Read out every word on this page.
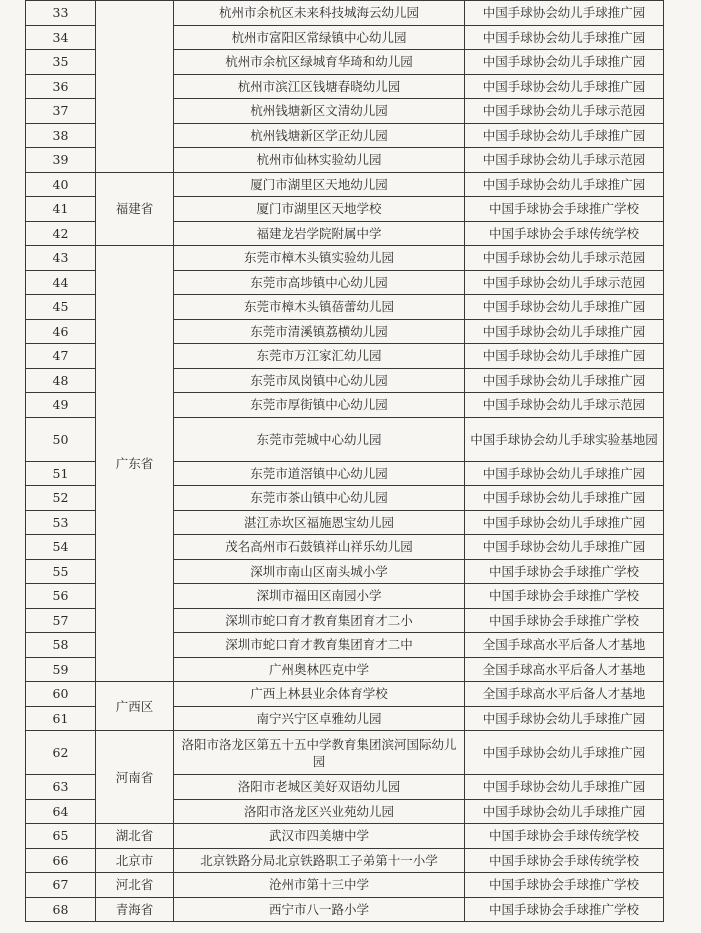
33		杭州市余杭区未来科技城海云幼儿园	中国手球协会幼儿手球推广园
34		杭州市富阳区常绿镇中心幼儿园	中国手球协会幼儿手球推广园
35		杭州市余杭区绿城育华琦和幼儿园	中国手球协会幼儿手球推广园
36		杭州市滨江区钱塘春晓幼儿园	中国手球协会幼儿手球推广园
37		杭州钱塘新区文清幼儿园	中国手球协会幼儿手球示范园
38		杭州钱塘新区学正幼儿园	中国手球协会幼儿手球推广园
39		杭州市仙林实验幼儿园	中国手球协会幼儿手球示范园
40	福建省	厦门市湖里区天地幼儿园	中国手球协会幼儿手球推广园
41		厦门市湖里区天地学校	中国手球协会手球推广学校
42		福建龙岩学院附属中学	中国手球协会手球传统学校
43	广东省	东莞市樟木头镇实验幼儿园	中国手球协会幼儿手球示范园
44		东莞市高埗镇中心幼儿园	中国手球协会幼儿手球示范园
45		东莞市樟木头镇蓓蕾幼儿园	中国手球协会幼儿手球推广园
46		东莞市清溪镇荔横幼儿园	中国手球协会幼儿手球推广园
47		东莞市万江家汇幼儿园	中国手球协会幼儿手球推广园
48		东莞市凤岗镇中心幼儿园	中国手球协会幼儿手球推广园
49		东莞市厚街镇中心幼儿园	中国手球协会幼儿手球示范园
50		东莞市莞城中心幼儿园	中国手球协会幼儿手球实验基地园
51		东莞市道滘镇中心幼儿园	中国手球协会幼儿手球推广园
52		东莞市茶山镇中心幼儿园	中国手球协会幼儿手球推广园
53		湛江赤坎区福施恩宝幼儿园	中国手球协会幼儿手球推广园
54		茂名高州市石鼓镇祥山祥乐幼儿园	中国手球协会幼儿手球推广园
55		深圳市南山区南头城小学	中国手球协会手球推广学校
56		深圳市福田区南园小学	中国手球协会手球推广学校
57		深圳市蛇口育才教育集团育才二小	中国手球协会手球推广学校
58		深圳市蛇口育才教育集团育才二中	全国手球高水平后备人才基地
59		广州奥林匹克中学	全国手球高水平后备人才基地
60	广西区	广西上林县业余体育学校	全国手球高水平后备人才基地
61		南宁兴宁区卓雅幼儿园	中国手球协会幼儿手球推广园
62	河南省	洛阳市洛龙区第五十五中学教育集团滨河国际幼儿园	中国手球协会幼儿手球推广园
63		洛阳市老城区美好双语幼儿园	中国手球协会幼儿手球推广园
64		洛阳市洛龙区兴业苑幼儿园	中国手球协会幼儿手球推广园
65	湖北省	武汉市四美塘中学	中国手球协会手球传统学校
66	北京市	北京铁路分局北京铁路职工子弟第十一小学	中国手球协会手球传统学校
67	河北省	沧州市第十三中学	中国手球协会手球推广学校
68	青海省	西宁市八一路小学	中国手球协会手球推广学校
